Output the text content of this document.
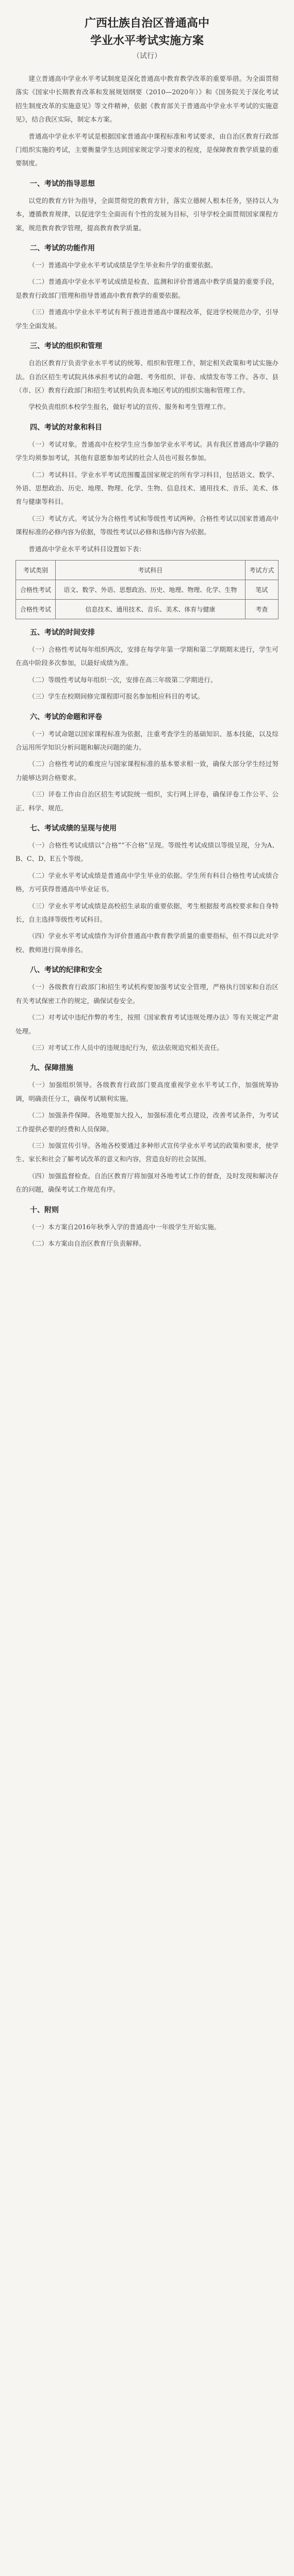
广西壮族自治区普通高中
学业水平考试实施方案
（试行）

建立普通高中学业水平考试制度是深化普通高中教育教学改革的重要举措。为全面贯彻落实《国家中长期教育改革和发展规划纲要（2010—2020年）》和《国务院关于深化考试招生制度改革的实施意见》等文件精神，依据《教育部关于普通高中学业水平考试的实施意见》，结合我区实际，制定本方案。

普通高中学业水平考试是根据国家普通高中课程标准和考试要求，由自治区教育行政部门组织实施的考试，主要衡量学生达到国家规定学习要求的程度，是保障教育教学质量的重要制度。

一、考试的指导思想

以党的教育方针为指导，全面贯彻党的教育方针，落实立德树人根本任务，坚持以人为本，遵循教育规律，以促进学生全面而有个性的发展为目标，引导学校全面贯彻国家课程方案，规范教育教学管理，提高教育教学质量。

二、考试的功能作用

（一）普通高中学业水平考试成绩是学生毕业和升学的重要依据。

（二）普通高中学业水平考试成绩是检查、监测和评价普通高中教学质量的重要手段，是教育行政部门管理和指导普通高中教育教学的重要依据。

（三）普通高中学业水平考试有利于推进普通高中课程改革，促进学校规范办学，引导学生全面发展。

三、考试的组织和管理

自治区教育厅负责学业水平考试的统筹、组织和管理工作，制定相关政策和考试实施办法。自治区招生考试院具体承担考试的命题、考务组织、评卷、成绩发布等工作。各市、县（市、区）教育行政部门和招生考试机构负责本地区考试的组织实施和管理工作。

学校负责组织本校学生报名，做好考试的宣传、服务和考生管理工作。

四、考试的对象和科目

（一）考试对象。普通高中在校学生应当参加学业水平考试。具有我区普通高中学籍的学生均须参加考试，其他有意愿参加考试的社会人员也可报名参加。

（二）考试科目。学业水平考试范围覆盖国家规定的所有学习科目，包括语文、数学、外语、思想政治、历史、地理、物理、化学、生物、信息技术、通用技术、音乐、美术、体育与健康等科目。

（三）考试方式。考试分为合格性考试和等级性考试两种。合格性考试以国家普通高中课程标准的必修内容为依据，等级性考试以必修和选修内容为依据。

普通高中学业水平考试科目设置如下表：

考试类别	考试科目	考试方式
合格性考试	语文、数学、外语、思想政治、历史、地理、物理、化学、生物	笔试
合格性考试	信息技术、通用技术、音乐、美术、体育与健康	考查
五、考试的时间安排

（一）合格性考试每年组织两次，安排在每学年第一学期和第二学期期末进行，学生可在高中阶段多次参加，以最好成绩为准。

（二）等级性考试每年组织一次，安排在高三年级第二学期进行。

（三）学生在校期间修完课程即可报名参加相应科目的考试。

六、考试的命题和评卷

（一）考试命题以国家课程标准为依据，注重考查学生的基础知识、基本技能，以及综合运用所学知识分析问题和解决问题的能力。

（二）合格性考试的难度应与国家课程标准的基本要求相一致，确保大部分学生经过努力能够达到合格要求。

（三）评卷工作由自治区招生考试院统一组织，实行网上评卷，确保评卷工作公平、公正、科学、规范。

七、考试成绩的呈现与使用

（一）合格性考试成绩以“合格”“不合格”呈现。等级性考试成绩以等级呈现，分为A、B、C、D、E五个等级。

（二）学业水平考试成绩是普通高中学生毕业的依据。学生所有科目合格性考试成绩合格，方可获得普通高中毕业证书。

（三）学业水平考试成绩是高校招生录取的重要依据，考生根据报考高校要求和自身特长，自主选择等级性考试科目。

（四）学业水平考试成绩作为评价普通高中教育教学质量的重要指标，但不得以此对学校、教师进行简单排名。

八、考试的纪律和安全

（一）各级教育行政部门和招生考试机构要加强考试安全管理，严格执行国家和自治区有关考试保密工作的规定，确保试卷安全。

（二）对考试中违纪作弊的考生，按照《国家教育考试违规处理办法》等有关规定严肃处理。

（三）对考试工作人员中的违规违纪行为，依法依规追究相关责任。

九、保障措施

（一）加强组织领导。各级教育行政部门要高度重视学业水平考试工作，加强统筹协调，明确责任分工，确保考试顺利实施。

（二）加强条件保障。各地要加大投入，加强标准化考点建设，改善考试条件，为考试工作提供必要的经费和人员保障。

（三）加强宣传引导。各地各校要通过多种形式宣传学业水平考试的政策和要求，使学生、家长和社会了解考试改革的意义和内容，营造良好的社会氛围。

（四）加强监督检查。自治区教育厅将加强对各地考试工作的督查，及时发现和解决存在的问题，确保考试工作规范有序。

十、附则

（一）本方案自2016年秋季入学的普通高中一年级学生开始实施。

（二）本方案由自治区教育厅负责解释。
